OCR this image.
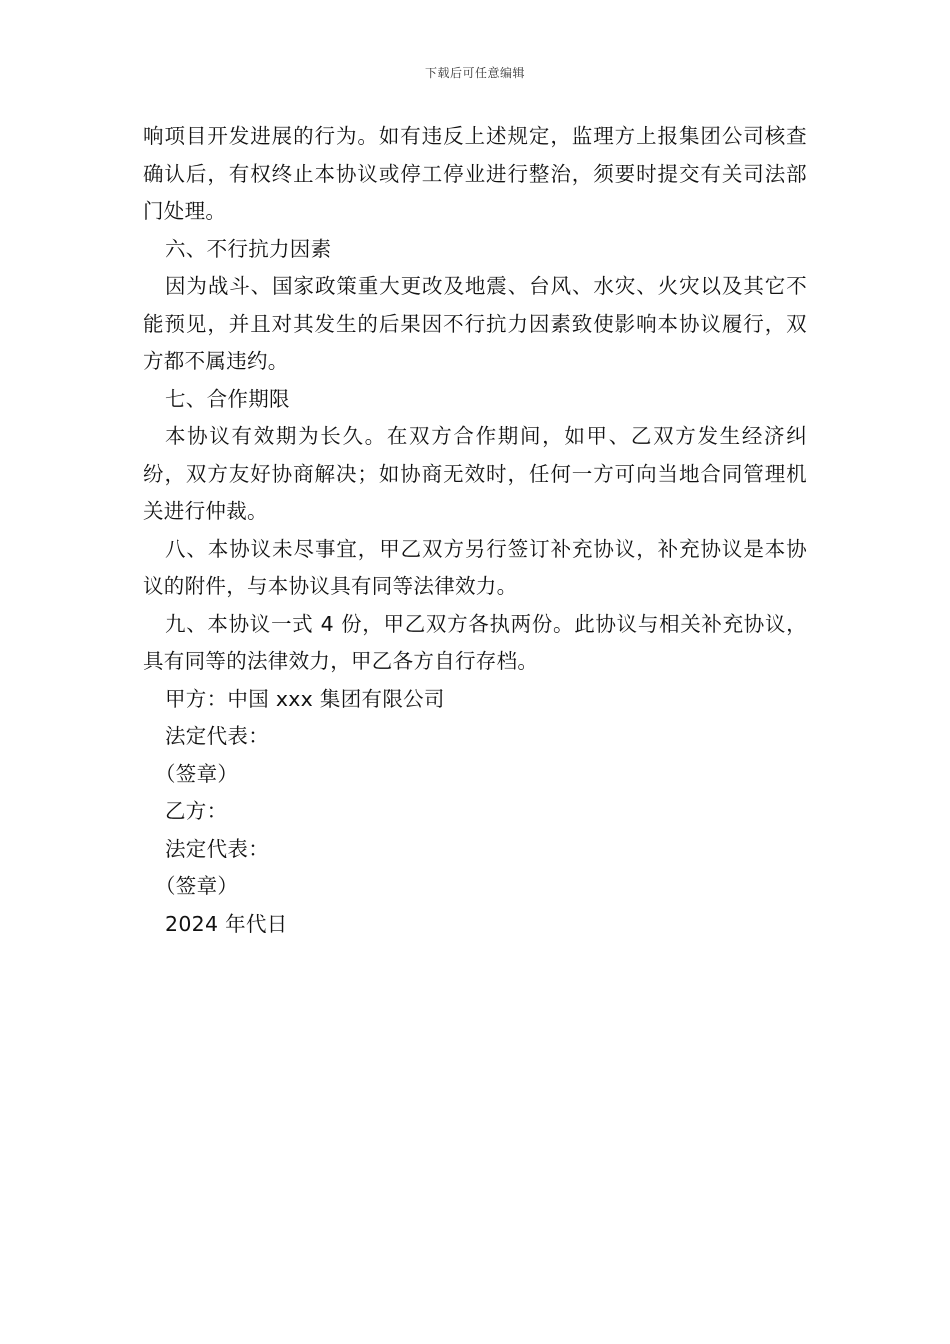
下载后可任意编辑

响项目开发进展的行为。如有违反上述规定，监理方上报集团公司核查确认后，有权终止本协议或停工停业进行整治，须要时提交有关司法部门处理。

六、不行抗力因素

因为战斗、国家政策重大更改及地震、台风、水灾、火灾以及其它不能预见，并且对其发生的后果因不行抗力因素致使影响本协议履行，双方都不属违约。

七、合作期限

本协议有效期为长久。在双方合作期间，如甲、乙双方发生经济纠纷，双方友好协商解决；如协商无效时，任何一方可向当地合同管理机关进行仲裁。

八、本协议未尽事宜，甲乙双方另行签订补充协议，补充协议是本协议的附件，与本协议具有同等法律效力。

九、本协议一式 4 份，甲乙双方各执两份。此协议与相关补充协议，具有同等的法律效力，甲乙各方自行存档。

甲方：中国 xxx 集团有限公司

法定代表：

（签章）

乙方：

法定代表：

（签章）

2024 年代日
